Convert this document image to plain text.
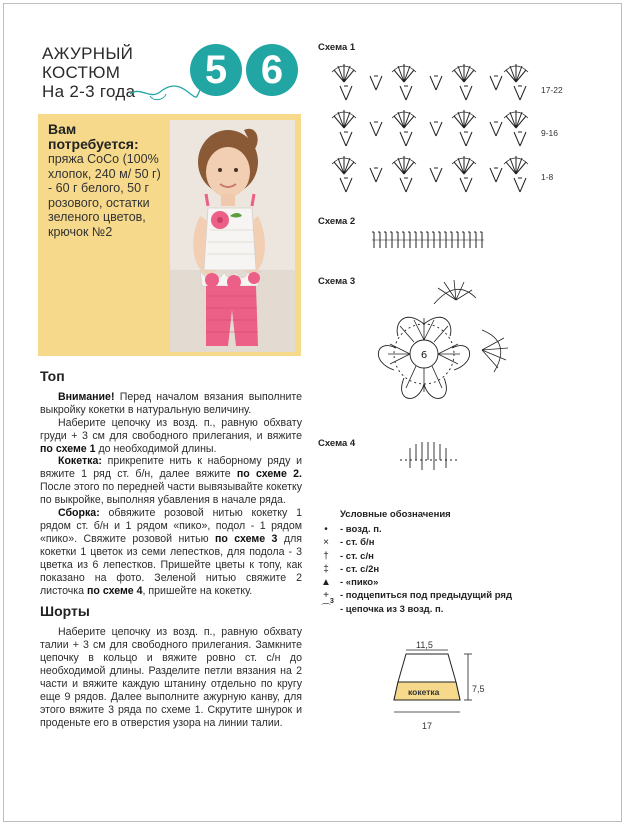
АЖУРНЫЙ
КОСТЮМ
На 2-3 года	5 6
Вам потребуется:
пряжа CoCo (100% хлопок, 240 м/ 50 г) - 60 г белого, 50 г розового, остатки зеленого цветов, крючок №2
Топ
Внимание! Перед началом вязания выполните выкройку кокетки в натуральную величину.
Наберите цепочку из возд. п., равную обхвату груди + 3 см для свободного прилегания, и вяжите по схеме 1 до необходимой длины.
Кокетка: прикрепите нить к наборному ряду и вяжите 1 ряд ст. б/н, далее вяжите по схеме 2. После этого по передней части вывязывайте кокетку по выкройке, выполняя убавления в начале ряда.
Сборка: обвяжите розовой нитью кокетку 1 рядом ст. б/н и 1 рядом «пико», подол - 1 рядом «пико». Свяжите розовой нитью по схеме 3 для кокетки 1 цветок из семи лепестков, для подола - 3 цветка из 6 лепестков. Пришейте цветы к топу, как показано на фото. Зеленой нитью свяжите 2 листочка по схеме 4, пришейте на кокетку.
Шорты
Наберите цепочку из возд. п., равную обхвату талии + 3 см для свободного прилегания. Замкните цепочку в кольцо и вяжите ровно ст. с/н до необходимой длины. Разделите петли вязания на 2 части и вяжите каждую штанину отдельно по кругу еще 9 рядов. Далее выполните ажурную канву, для этого вяжите 3 ряда по схеме 1. Скрутите шнурок и проденьте его в отверстия узора на линии талии.
Схема 1
17-22
9-16
1-8
Схема 2
Схема 3
6
Схема 4
Условные обозначения
•	- возд. п.
×	- ст. б/н
†	- ст. с/н
‡	- ст. с/2н
▲ - «пико»
+	- подцепиться под предыдущий ряд
⌒ - цепочка из 3 возд. п.
3
11,5
кокетка	7,5
17
